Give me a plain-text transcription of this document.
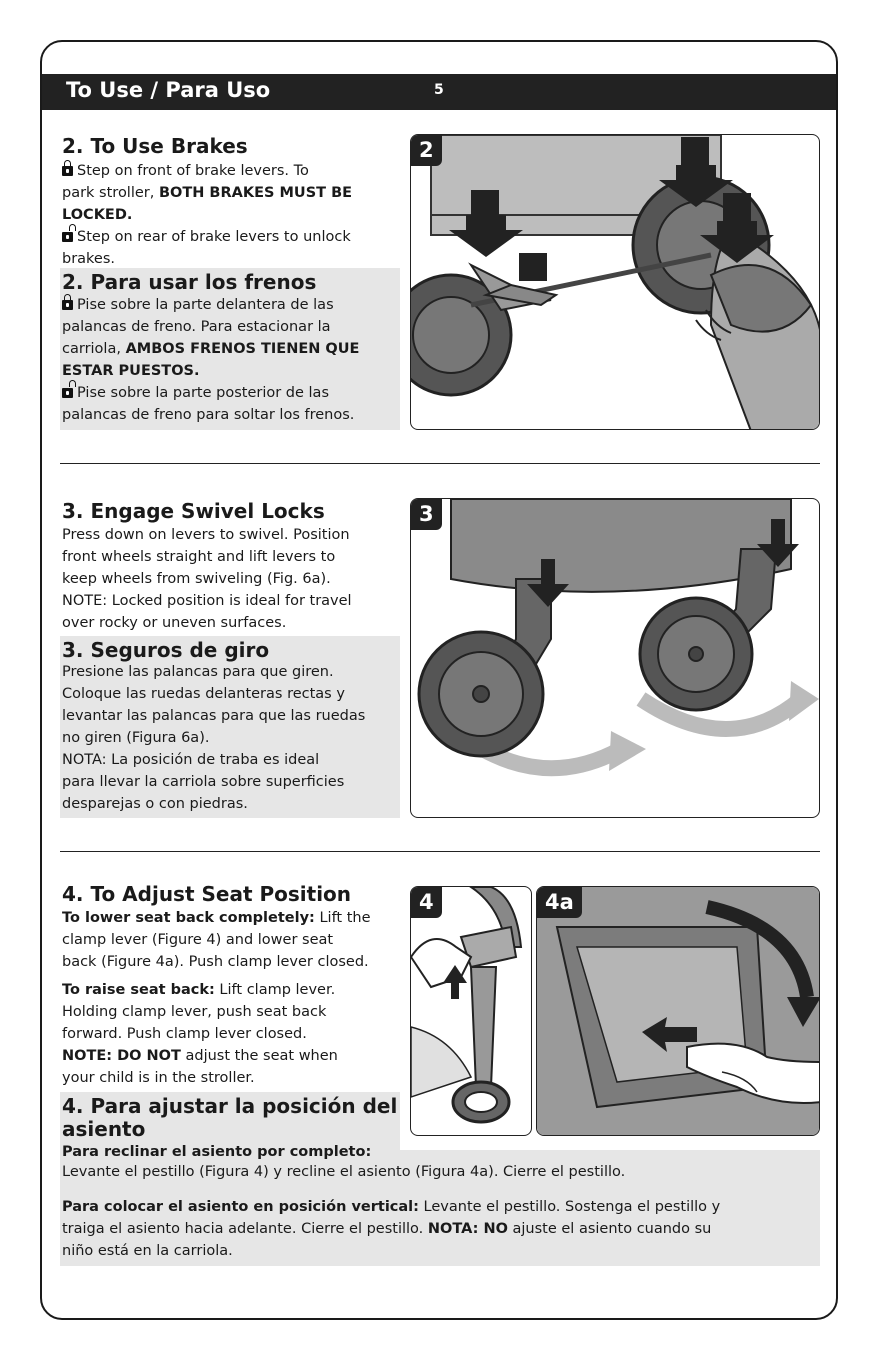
To Use / Para Uso	5
2. To Use Brakes
Step on front of brake levers. To
park stroller, BOTH BRAKES MUST BE
LOCKED.
Step on rear of brake levers to unlock
brakes.
2. Para usar los frenos
Pise sobre la parte delantera de las
palancas de freno. Para estacionar la
carriola, AMBOS FRENOS TIENEN QUE
ESTAR PUESTOS.
Pise sobre la parte posterior de las
palancas de freno para soltar los frenos.
2
3. Engage Swivel Locks
Press down on levers to swivel. Position
front wheels straight and lift levers to
keep wheels from swiveling (Fig. 6a).
NOTE: Locked position is ideal for travel
over rocky or uneven surfaces.
3. Seguros de giro
Presione las palancas para que giren.
Coloque las ruedas delanteras rectas y
levantar las palancas para que las ruedas
no giren (Figura 6a).
NOTA: La posición de traba es ideal
para llevar la carriola sobre superficies
desparejas o con piedras.
3
4. To Adjust Seat Position
To lower seat back completely: Lift the
clamp lever (Figure 4) and lower seat
back (Figure 4a). Push clamp lever closed.
To raise seat back: Lift clamp lever.
Holding clamp lever, push seat back
forward. Push clamp lever closed.
NOTE: DO NOT adjust the seat when
your child is in the stroller.
4. Para ajustar la posición del
asiento
Para reclinar el asiento por completo:
Levante el pestillo (Figura 4) y recline el asiento (Figura 4a). Cierre el pestillo.
Para colocar el asiento en posición vertical: Levante el pestillo. Sostenga el pestillo y
traiga el asiento hacia adelante. Cierre el pestillo. NOTA: NO ajuste el asiento cuando su
niño está en la carriola.
4	4a
